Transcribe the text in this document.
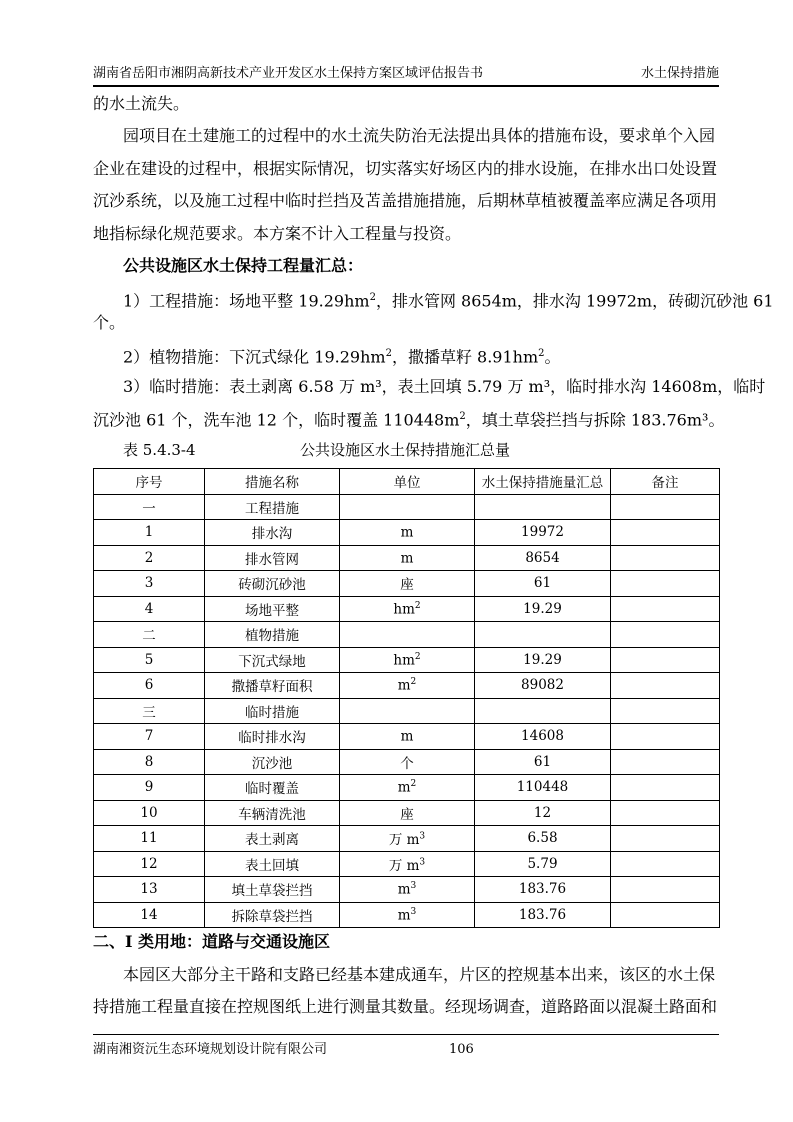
湖南省岳阳市湘阴高新技术产业开发区水土保持方案区域评估报告书	水土保持措施
的水土流失。
园项目在土建施工的过程中的水土流失防治无法提出具体的措施布设，要求单个入园
企业在建设的过程中，根据实际情况，切实落实好场区内的排水设施，在排水出口处设置
沉沙系统，以及施工过程中临时拦挡及苫盖措施措施，后期林草植被覆盖率应满足各项用
地指标绿化规范要求。本方案不计入工程量与投资。
公共设施区水土保持工程量汇总：
1）工程措施：场地平整 $19.29hm^2$，排水管网 8654m，排水沟 19972m，砖砌沉砂池 61
个。
2）植物措施：下沉式绿化 $19.29hm^2$，撒播草籽 $8.91hm^2$。
3）临时措施：表土剥离 6.58 万 m³，表土回填 5.79 万 m³，临时排水沟 14608m，临时
沉沙池 61 个，洗车池 12 个，临时覆盖 $110448m^2$，填土草袋拦挡与拆除 183.76m³。
表 5.4.3-4	公共设施区水土保持措施汇总量
序号	措施名称	单位	水土保持措施量汇总	备注
一	工程措施			
1	排水沟	m	19972	
2	排水管网	m	8654	
3	砖砌沉砂池	座	61	
4	场地平整	$hm^2$	19.29	
二	植物措施			
5	下沉式绿地	$hm^2$	19.29	
6	撒播草籽面积	$m^2$	89082	
三	临时措施			
7	临时排水沟	m	14608	
8	沉沙池	个	61	
9	临时覆盖	$m^2$	110448	
10	车辆清洗池	座	12	
11	表土剥离	万 $m^3$	6.58	
12	表土回填	万 $m^3$	5.79	
13	填土草袋拦挡	$m^3$	183.76	
14	拆除草袋拦挡	$m^3$	183.76	
二、I 类用地：道路与交通设施区
本园区大部分主干路和支路已经基本建成通车，片区的控规基本出来，该区的水土保
持措施工程量直接在控规图纸上进行测量其数量。经现场调查，道路路面以混凝土路面和
湖南湘资沅生态环境规划设计院有限公司	106
